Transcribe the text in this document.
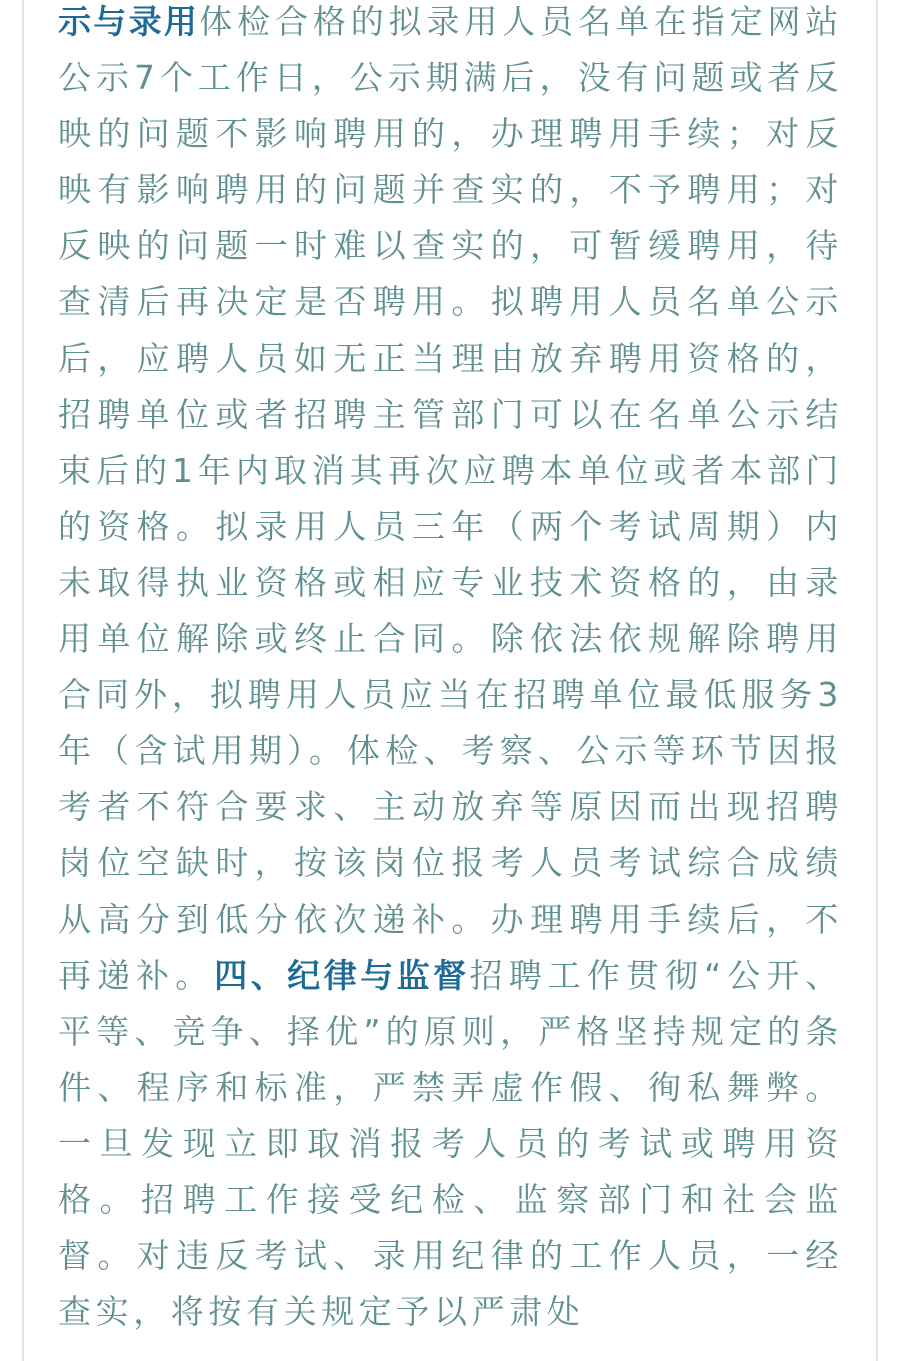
示与录用体检合格的拟录用人员名单在指定网站公示7个工作日，公示期满后，没有问题或者反映的问题不影响聘用的，办理聘用手续；对反映有影响聘用的问题并查实的，不予聘用；对反映的问题一时难以查实的，可暂缓聘用，待查清后再决定是否聘用。拟聘用人员名单公示后，应聘人员如无正当理由放弃聘用资格的，招聘单位或者招聘主管部门可以在名单公示结束后的1年内取消其再次应聘本单位或者本部门的资格。拟录用人员三年（两个考试周期）内未取得执业资格或相应专业技术资格的，由录用单位解除或终止合同。除依法依规解除聘用合同外，拟聘用人员应当在招聘单位最低服务3年（含试用期）。体检、考察、公示等环节因报考者不符合要求、主动放弃等原因而出现招聘岗位空缺时，按该岗位报考人员考试综合成绩从高分到低分依次递补。办理聘用手续后，不再递补。四、纪律与监督招聘工作贯彻“公开、平等、竞争、择优”的原则，严格坚持规定的条件、程序和标准，严禁弄虚作假、徇私舞弊。一旦发现立即取消报考人员的考试或聘用资格。招聘工作接受纪检、监察部门和社会监督。对违反考试、录用纪律的工作人员，一经查实，将按有关规定予以严肃处
